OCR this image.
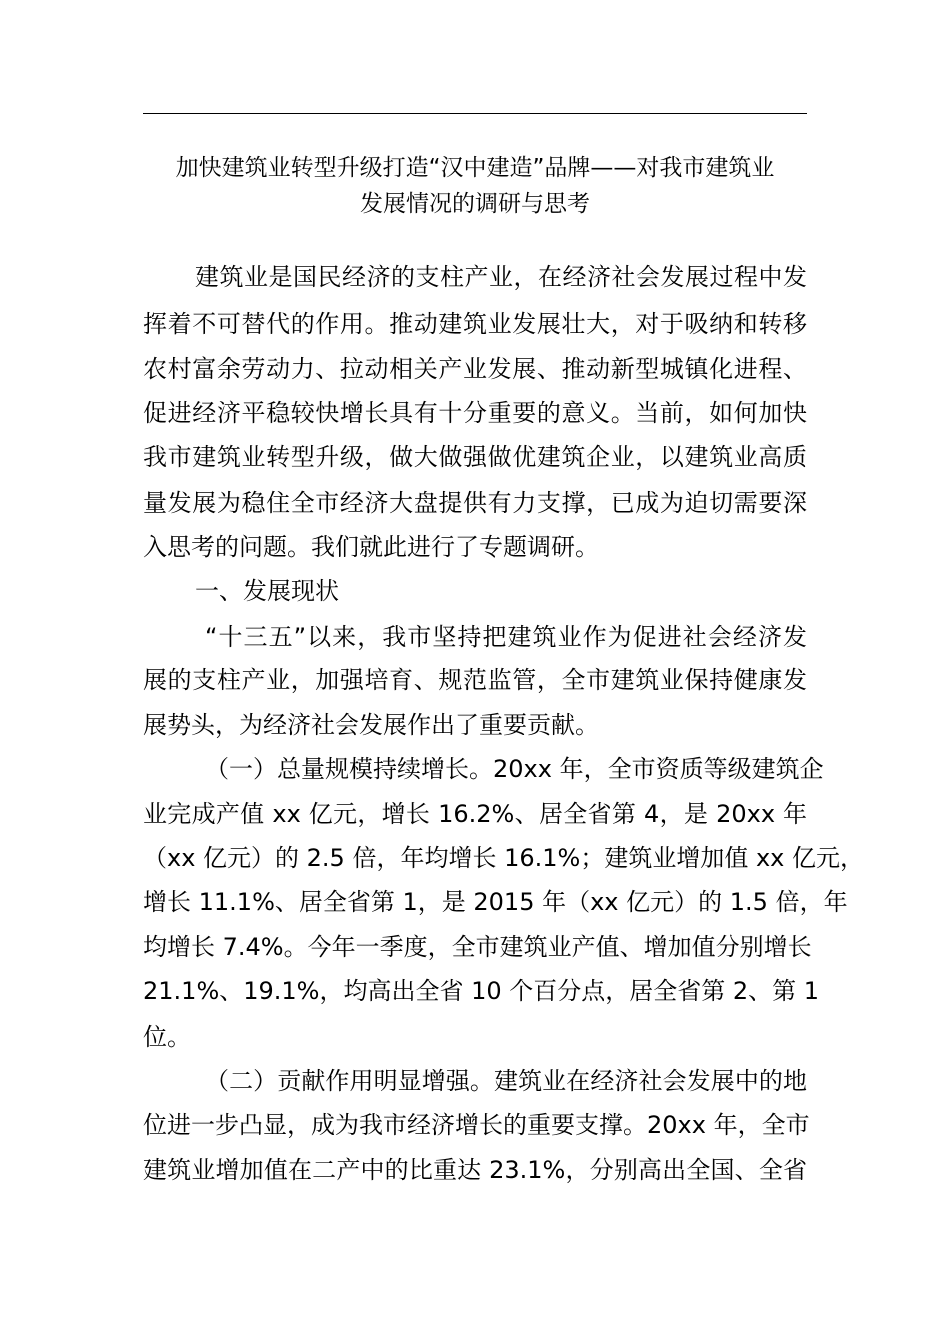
加快建筑业转型升级打造“汉中建造”品牌——对我市建筑业
发展情况的调研与思考
建筑业是国民经济的支柱产业，在经济社会发展过程中发
挥着不可替代的作用。推动建筑业发展壮大，对于吸纳和转移
农村富余劳动力、拉动相关产业发展、推动新型城镇化进程、
促进经济平稳较快增长具有十分重要的意义。当前，如何加快
我市建筑业转型升级，做大做强做优建筑企业，以建筑业高质
量发展为稳住全市经济大盘提供有力支撑，已成为迫切需要深
入思考的问题。我们就此进行了专题调研。
一、发展现状
“十三五”以来，我市坚持把建筑业作为促进社会经济发
展的支柱产业，加强培育、规范监管，全市建筑业保持健康发
展势头，为经济社会发展作出了重要贡献。
（一）总量规模持续增长。20xx 年，全市资质等级建筑企
业完成产值 xx 亿元，增长 16.2%、居全省第 4，是 20xx 年
（xx 亿元）的 2.5 倍，年均增长 16.1%；建筑业增加值 xx 亿元，
增长 11.1%、居全省第 1，是 2015 年（xx 亿元）的 1.5 倍，年
均增长 7.4%。今年一季度，全市建筑业产值、增加值分别增长
21.1%、19.1%，均高出全省 10 个百分点，居全省第 2、第 1
位。
（二）贡献作用明显增强。建筑业在经济社会发展中的地
位进一步凸显，成为我市经济增长的重要支撑。20xx 年，全市
建筑业增加值在二产中的比重达 23.1%，分别高出全国、全省
